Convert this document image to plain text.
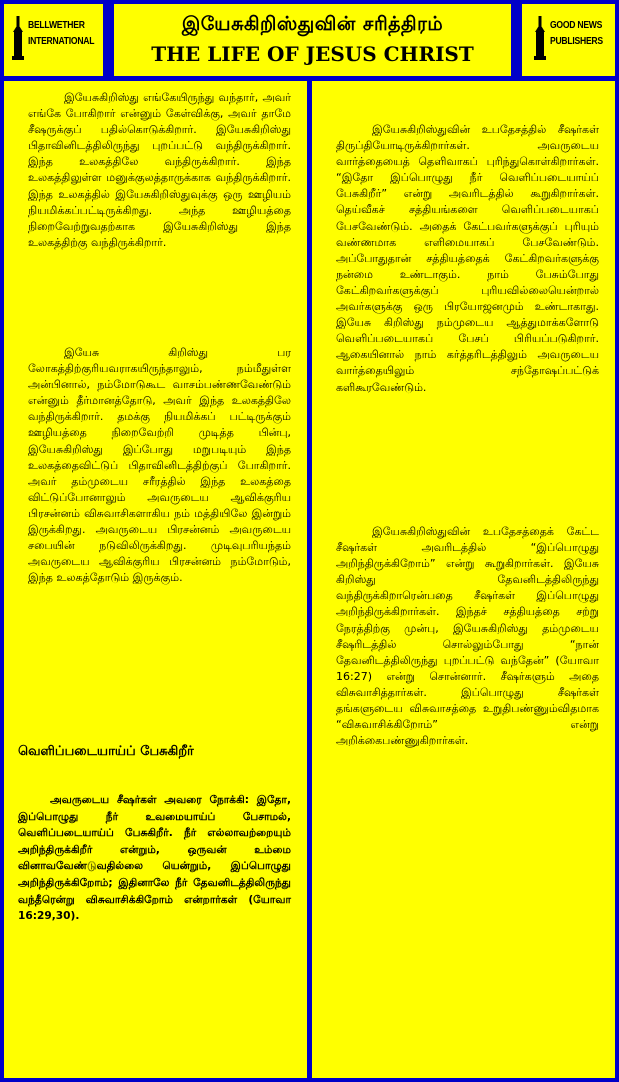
BELLWETHER
INTERNATIONAL
இயேசுகிறிஸ்துவின் சரித்திரம்
THE LIFE OF JESUS CHRIST
GOOD NEWS
PUBLISHERS

இயேசுகிறிஸ்து எங்கேயிருந்து வந்தார், அவர் எங்கே போகிறார் என்னும் கேள்விக்கு, அவர் தாமே சீஷருக்குப் பதில்கொடுக்கிறார். இயேசுகிறிஸ்து பிதாவினிடத்திலிருந்து புறப்பட்டு வந்திருக்கிறார். இந்த உலகத்திலே வந்திருக்கிறார். இந்த உலகத்திலுள்ள மனுக்குலத்தாருக்காக வந்திருக்கிறார். இந்த உலகத்தில் இயேசுகிறிஸ்துவுக்கு ஒரு ஊழியம் நியமிக்கப்பட்டிருக்கிறது. அந்த ஊழியத்தை நிறைவேற்றுவதற்காக இயேசுகிறிஸ்து இந்த உலகத்திற்கு வந்திருக்கிறார்.

இயேசு கிறிஸ்து பர லோகத்திற்குரியவராகயிருந்தாலும், நம்மீதுள்ள அன்பினால், நம்மோடுகூட வாசம்பண்ணவேண்டும் என்னும் தீர்மானத்தோடு, அவர் இந்த உலகத்திலே வந்திருக்கிறார். தமக்கு நியமிக்கப் பட்டிருக்கும் ஊழியத்தை நிறைவேற்றி முடித்த பின்பு, இயேசுகிறிஸ்து இப்போது மறுபடியும் இந்த உலகத்தைவிட்டுப் பிதாவினிடத்திற்குப் போகிறார். அவர் தம்முடைய சரீரத்தில் இந்த உலகத்தை விட்டுப்போனாலும் அவருடைய ஆவிக்குரிய பிரசன்னம் விசுவாசிகளாகிய நம் மத்தியிலே இன்றும் இருக்கிறது. அவருடைய பிரசன்னம் அவருடைய சபையின் நடுவிலிருக்கிறது. முடிவுபரியந்தம் அவருடைய ஆவிக்குரிய பிரசன்னம் நம்மோடும், இந்த உலகத்தோடும் இருக்கும்.

வெளிப்படையாய்ப் பேசுகிறீர்

அவருடைய சீஷர்கள் அவரை நோக்கி: இதோ, இப்பொழுது நீர் உவமையாய்ப் பேசாமல், வெளிப்படையாய்ப் பேசுகிறீர். நீர் எல்லாவற்றையும் அறிந்திருக்கிறீர் என்றும், ஒருவன் உம்மை வினாவவேண்டுவதில்லை யென்றும், இப்பொழுது அறிந்திருக்கிறோம்; இதினாலே நீர் தேவனிடத்திலிருந்து வந்தீரென்று விசுவாசிக்கிறோம் என்றார்கள் (யோவா 16:29,30).

இயேசுகிறிஸ்துவின் உபதேசத்தில் சீஷர்கள் திருப்தியோடிருக்கிறார்கள். அவருடைய வார்த்தையைத் தெளிவாகப் புரிந்துகொள்கிறார்கள். “இதோ இப்பொழுது நீர் வெளிப்படையாய்ப் பேசுகிறீர்” என்று அவரிடத்தில் கூறுகிறார்கள். தெய்வீகச் சத்தியங்களை வெளிப்படையாகப் பேசவேண்டும். அதைக் கேட்பவர்களுக்குப் புரியும் வண்ணமாக எளிமையாகப் பேசவேண்டும். அப்போதுதான் சத்தியத்தைக் கேட்கிறவர்களுக்கு நன்மை உண்டாகும். நாம் பேசும்போது கேட்கிறவர்களுக்குப் புரியவில்லையென்றால் அவர்களுக்கு ஒரு பிரயோஜனமும் உண்டாகாது. இயேசு கிறிஸ்து நம்முடைய ஆத்துமாக்களோடு வெளிப்படையாகப் பேசப் பிரியப்படுகிறார். ஆகையினால் நாம் கர்த்தரிடத்திலும் அவருடைய வார்த்தையிலும் சந்தோஷப்பட்டுக் களிகூரவேண்டும்.

இயேசுகிறிஸ்துவின் உபதேசத்தைக் கேட்ட சீஷர்கள் அவரிடத்தில் “இப்பொழுது அறிந்திருக்கிறோம்” என்று கூறுகிறார்கள். இயேசு கிறிஸ்து தேவனிடத்திலிருந்து வந்திருக்கிறாரென்பதை சீஷர்கள் இப்பொழுது அறிந்திருக்கிறார்கள். இந்தச் சத்தியத்தை சற்று நேரத்திற்கு முன்பு, இயேசுகிறிஸ்து தம்முடைய சீஷரிடத்தில் சொல்லும்போது “நான் தேவனிடத்திலிருந்து புறப்பட்டு வந்தேன்” (யோவா 16:27) என்று சொன்னார். சீஷர்களும் அதை விசுவாசித்தார்கள். இப்பொழுது சீஷர்கள் தங்களுடைய விசுவாசத்தை உறுதிபண்ணும்விதமாக “விசுவாசிக்கிறோம்” என்று அறிக்கைபண்ணுகிறார்கள்.
